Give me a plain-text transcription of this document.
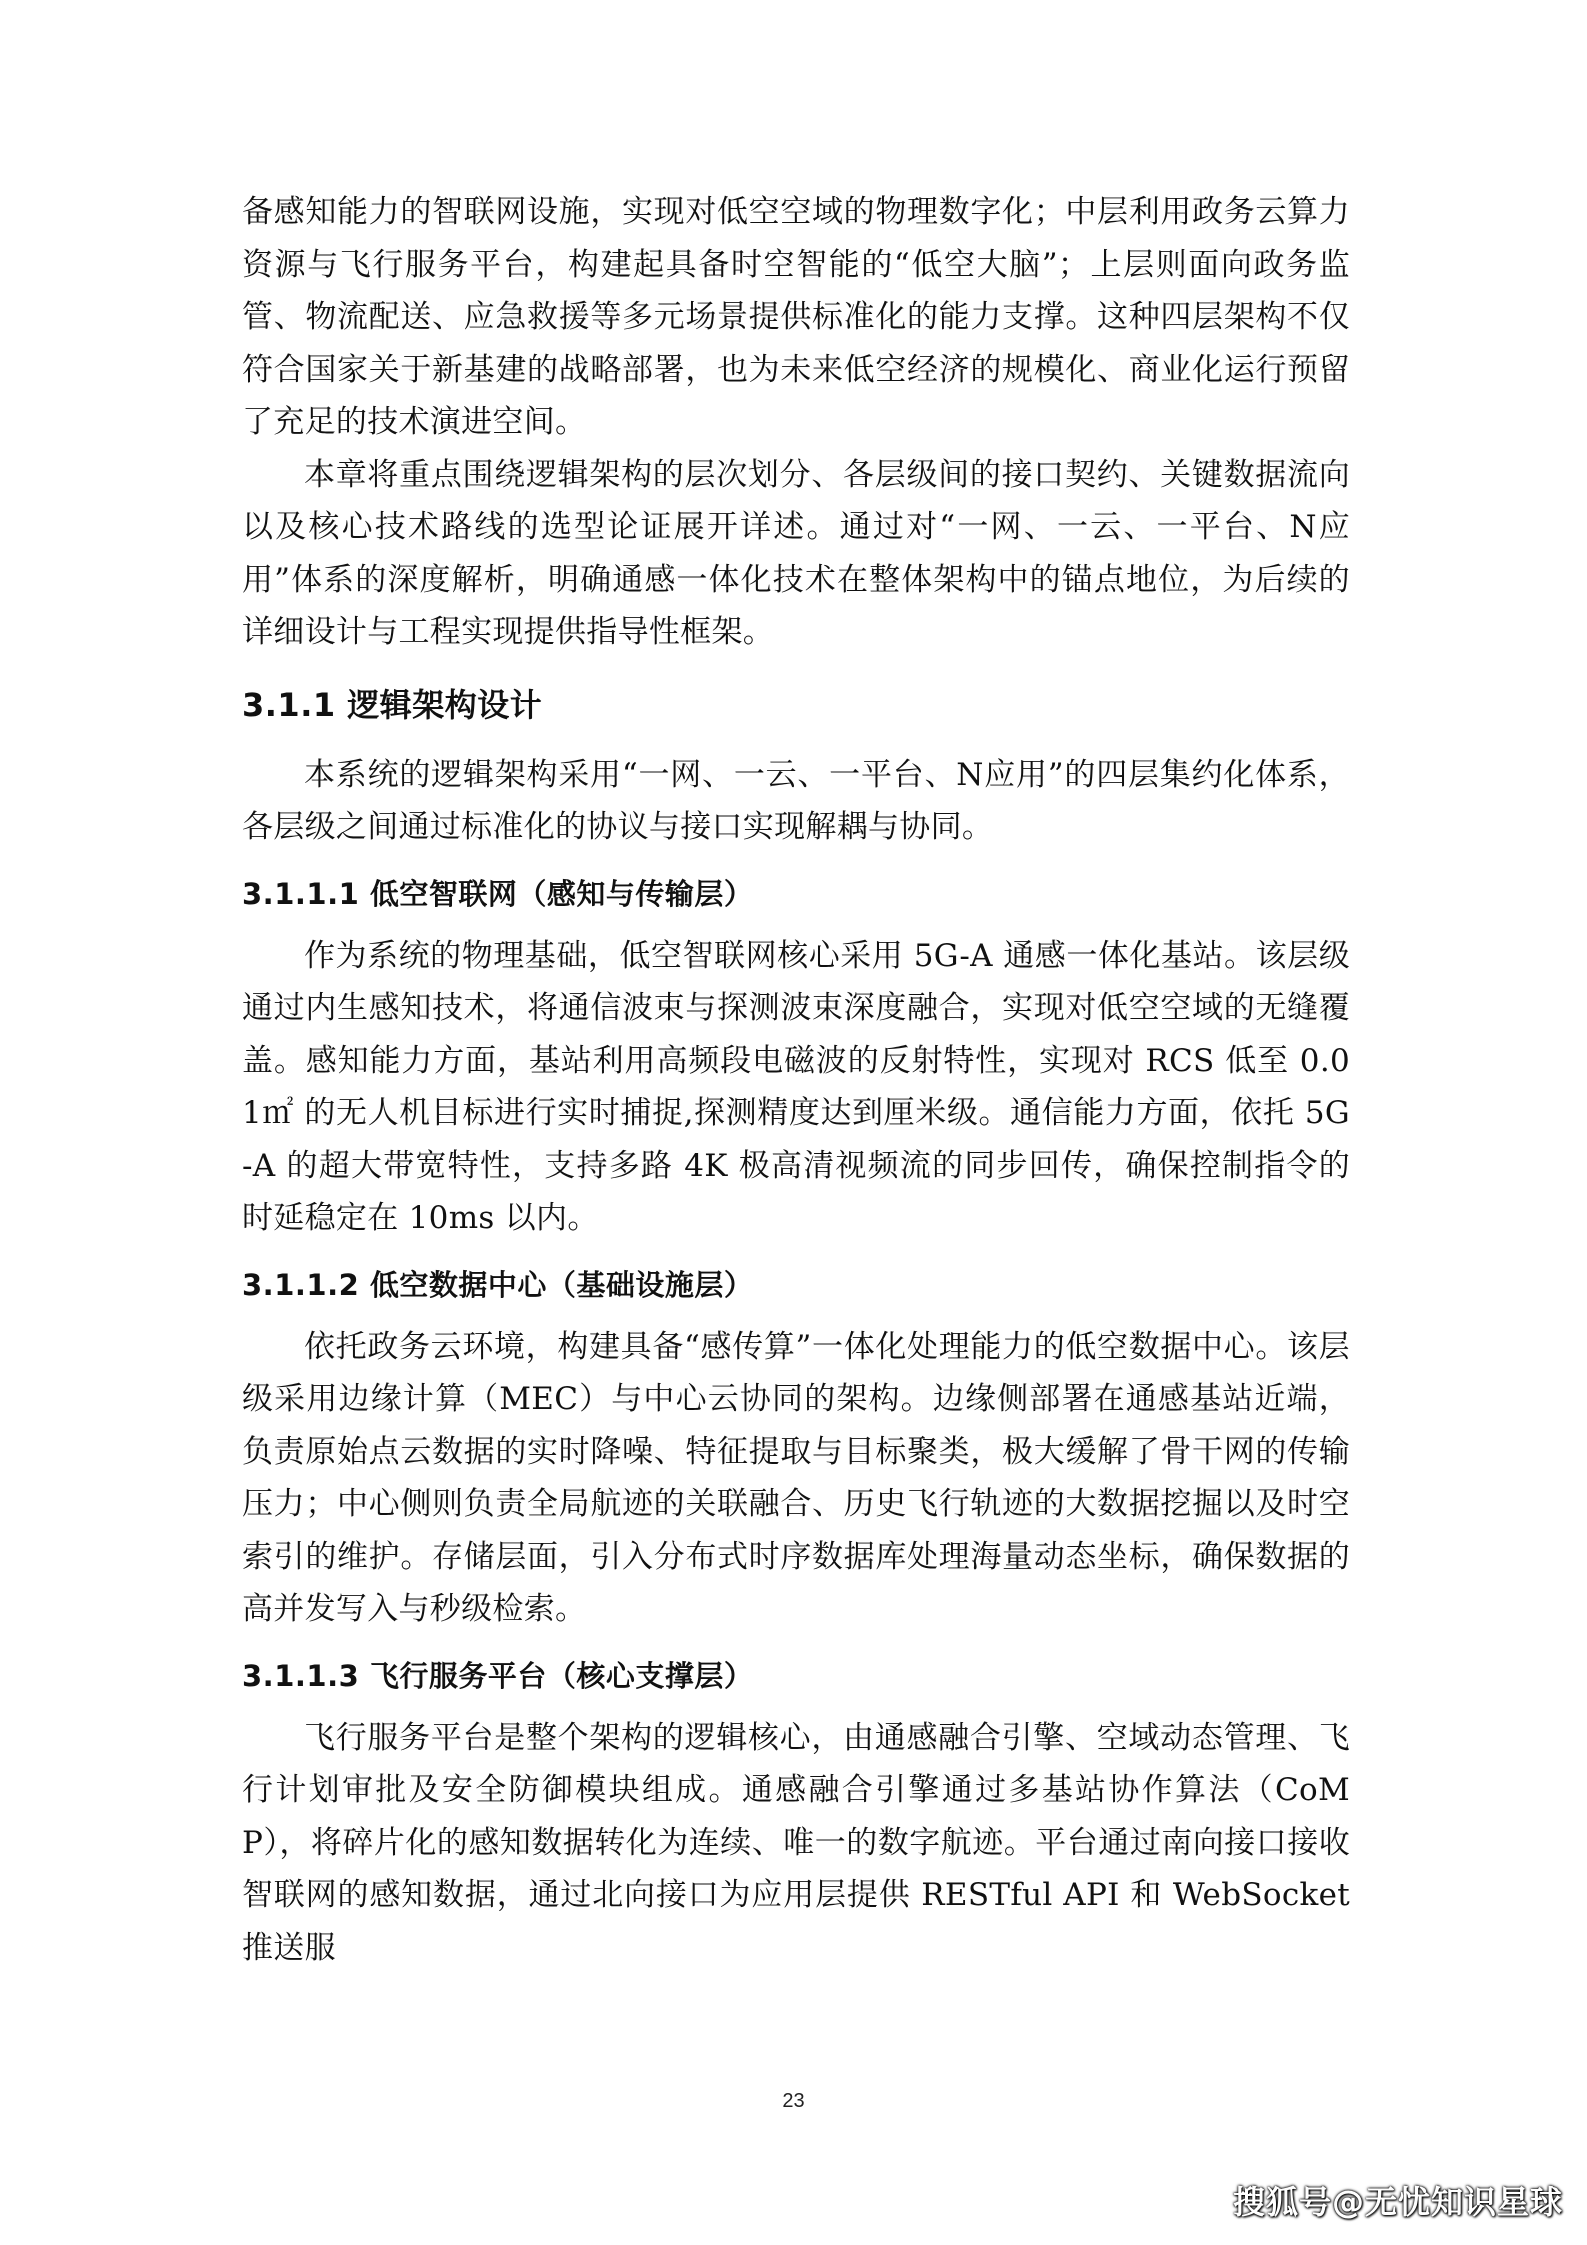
备感知能力的智联网设施，实现对低空空域的物理数字化；中层利用政务云算力资源与飞行服务平台，构建起具备时空智能的“低空大脑”；上层则面向政务监管、物流配送、应急救援等多元场景提供标准化的能力支撑。这种四层架构不仅符合国家关于新基建的战略部署，也为未来低空经济的规模化、商业化运行预留了充足的技术演进空间。

本章将重点围绕逻辑架构的层次划分、各层级间的接口契约、关键数据流向以及核心技术路线的选型论证展开详述。通过对“一网、一云、一平台、N应用”体系的深度解析，明确通感一体化技术在整体架构中的锚点地位，为后续的详细设计与工程实现提供指导性框架。

3.1.1 逻辑架构设计

本系统的逻辑架构采用“一网、一云、一平台、N应用”的四层集约化体系，各层级之间通过标准化的协议与接口实现解耦与协同。

3.1.1.1 低空智联网（感知与传输层）

作为系统的物理基础，低空智联网核心采用 5G-A 通感一体化基站。该层级通过内生感知技术，将通信波束与探测波束深度融合，实现对低空空域的无缝覆盖。感知能力方面，基站利用高频段电磁波的反射特性，实现对 RCS 低至 0.01㎡ 的无人机目标进行实时捕捉,探测精度达到厘米级。通信能力方面，依托 5G-A 的超大带宽特性，支持多路 4K 极高清视频流的同步回传，确保控制指令的时延稳定在 10ms 以内。

3.1.1.2 低空数据中心（基础设施层）

依托政务云环境，构建具备“感传算”一体化处理能力的低空数据中心。该层级采用边缘计算（MEC）与中心云协同的架构。边缘侧部署在通感基站近端，负责原始点云数据的实时降噪、特征提取与目标聚类，极大缓解了骨干网的传输压力；中心侧则负责全局航迹的关联融合、历史飞行轨迹的大数据挖掘以及时空索引的维护。存储层面，引入分布式时序数据库处理海量动态坐标，确保数据的高并发写入与秒级检索。

3.1.1.3 飞行服务平台（核心支撑层）

飞行服务平台是整个架构的逻辑核心，由通感融合引擎、空域动态管理、飞行计划审批及安全防御模块组成。通感融合引擎通过多基站协作算法（CoMP），将碎片化的感知数据转化为连续、唯一的数字航迹。平台通过南向接口接收智联网的感知数据，通过北向接口为应用层提供 RESTful API 和 WebSocket 推送服

23
搜狐号@无忧知识星球
